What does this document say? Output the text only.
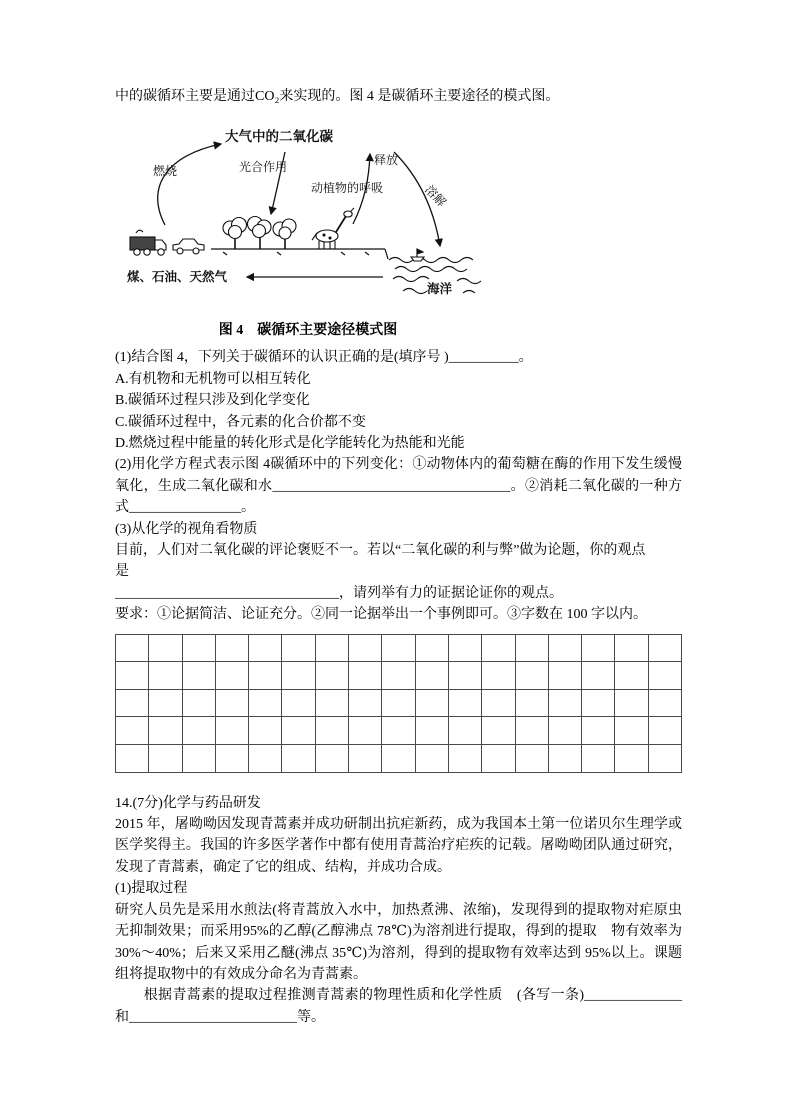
中的碳循环主要是通过CO₂来实现的。图 4 是碳循环主要途径的模式图。

大气中的二氧化碳
燃烧	光合作用	释放
动植物的呼吸	溶解
煤、石油、天然气
海洋
图 4　碳循环主要途径模式图

(1)结合图 4，下列关于碳循环的认识正确的是(填序号 )__________。

A.有机物和无机物可以相互转化

B.碳循环过程只涉及到化学变化

C.碳循环过程中，各元素的化合价都不变

D.燃烧过程中能量的转化形式是化学能转化为热能和光能

(2)用化学方程式表示图 4碳循环中的下列变化：①动物体内的葡萄糖在酶的作用下发生缓慢氧化，生成二氧化碳和水__________________________________。②消耗二氧化碳的一种方式________________。

(3)从化学的视角看物质

目前，人们对二氧化碳的评论褒贬不一。若以“二氧化碳的利与弊”做为论题，你的观点

是

________________________________，请列举有力的证据论证你的观点。

要求：①论据简洁、论证充分。②同一论据举出一个事例即可。③字数在 100 字以内。

14.(7分)化学与药品研发

2015 年，屠呦呦因发现青蒿素并成功研制出抗疟新药，成为我国本土第一位诺贝尔生理学或医学奖得主。我国的许多医学著作中都有使用青蒿治疗疟疾的记载。屠呦呦团队通过研究，发现了青蒿素，确定了它的组成、结构，并成功合成。

(1)提取过程

研究人员先是采用水煎法(将青蒿放入水中，加热煮沸、浓缩)，发现得到的提取物对疟原虫无抑制效果；而采用95%的乙醇(乙醇沸点 78℃)为溶剂进行提取，得到的提取　物有效率为 30%～40%；后来又采用乙醚(沸点 35℃)为溶剂，得到的提取物有效率达到 95%以上。课题组将提取物中的有效成分命名为青蒿素。

　　根据青蒿素的提取过程推测青蒿素的物理性质和化学性质　(各写一条)______________和________________________等。
